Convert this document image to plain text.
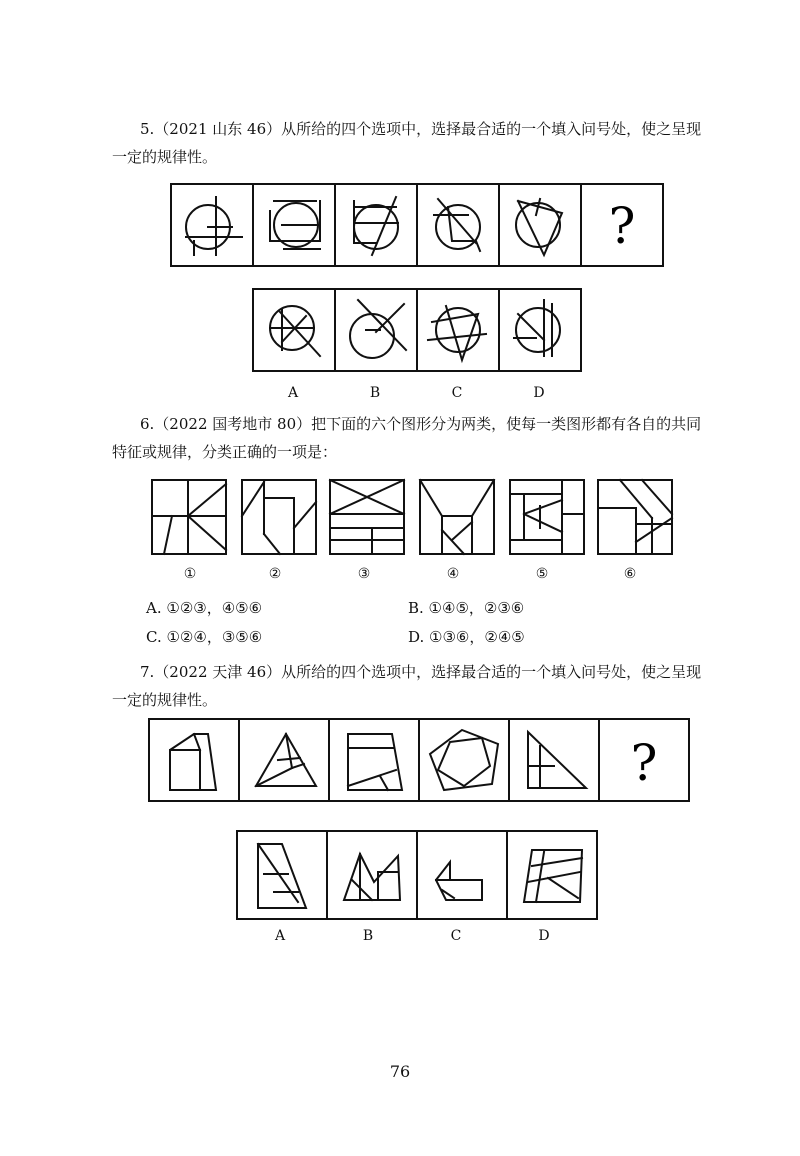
5.（2021 山东 46）从所给的四个选项中，选择最合适的一个填入问号处，使之呈现一定的规律性。

?
A	B	C	D

6.（2022 国考地市 80）把下面的六个图形分为两类，使每一类图形都有各自的共同特征或规律，分类正确的一项是：

①	②	③	④	⑤	⑥
A. ①②③，④⑤⑥	B. ①④⑤，②③⑥
C. ①②④，③⑤⑥	D. ①③⑥，②④⑤

7.（2022 天津 46）从所给的四个选项中，选择最合适的一个填入问号处，使之呈现一定的规律性。

?
A	B	C	D
76
